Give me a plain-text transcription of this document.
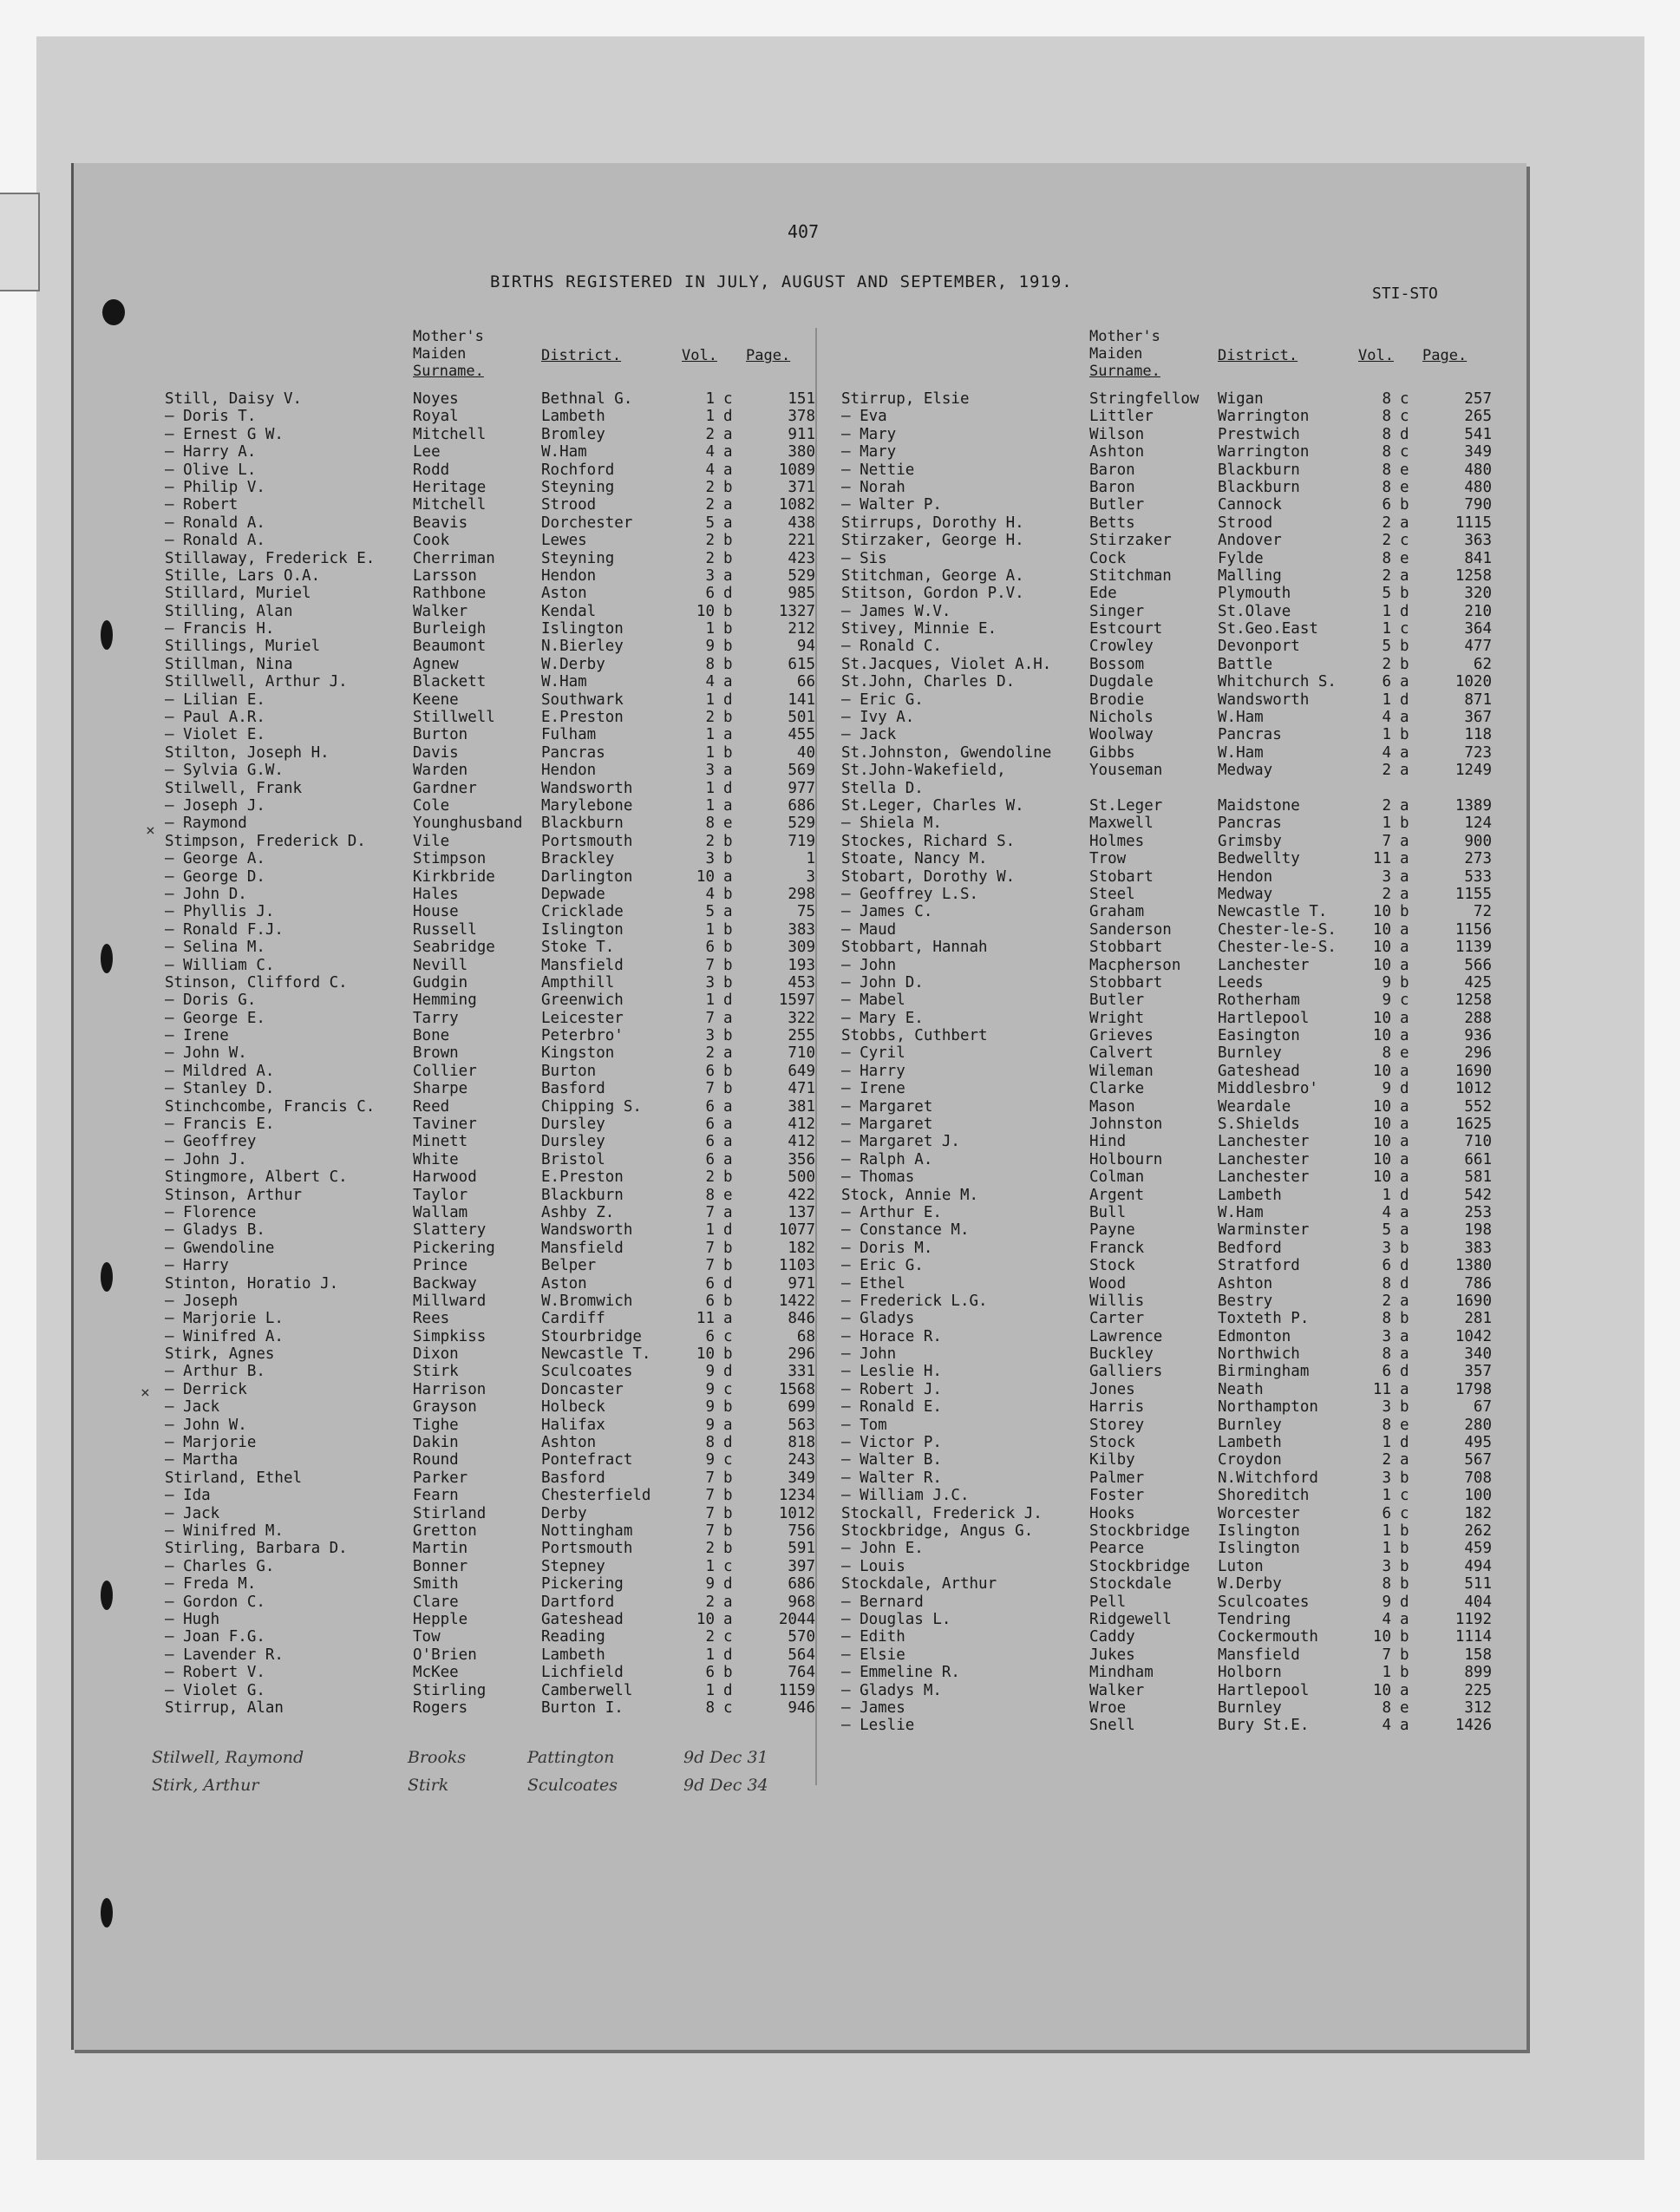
407
BIRTHS REGISTERED IN JULY, AUGUST AND SEPTEMBER, 1919.
STI-STO
Mother's
Maiden
Surname.
District.	Vol. Page.
Still, Daisy V.	Noyes	Bethnal G.	1 c	151
— Doris T.	Royal	Lambeth	1 d	378
— Ernest G W.	Mitchell	Bromley	2 a	911
— Harry A.	Lee	W.Ham	4 a	380
— Olive L.	Rodd	Rochford	4 a	1089
— Philip V.	Heritage	Steyning	2 b	371
— Robert	Mitchell	Strood	2 a	1082
— Ronald A.	Beavis	Dorchester	5 a	438
— Ronald A.	Cook	Lewes	2 b	221
Stillaway, Frederick E. Cherriman	Steyning	2 b	423
Stille, Lars O.A.	Larsson	Hendon	3 a	529
Stillard, Muriel	Rathbone	Aston	6 d	985
Stilling, Alan	Walker	Kendal	10 b	1327
— Francis H.	Burleigh	Islington	1 b	212
Stillings, Muriel	Beaumont	N.Bierley	9 b	94
Stillman, Nina	Agnew	W.Derby	8 b	615
Stillwell, Arthur J.	Blackett	W.Ham	4 a	66
— Lilian E.	Keene	Southwark	1 d	141
— Paul A.R.	Stillwell	E.Preston	2 b	501
— Violet E.	Burton	Fulham	1 a	455
Stilton, Joseph H.	Davis	Pancras	1 b	40
— Sylvia G.W.	Warden	Hendon	3 a	569
Stilwell, Frank	Gardner	Wandsworth	1 d	977
— Joseph J.	Cole	Marylebone	1 a	686
— Raymond	Younghusband Blackburn	8 e	529
Stimpson, Frederick D.	Vile	Portsmouth	2 b	719
— George A.	Stimpson	Brackley	3 b	1
— George D.	Kirkbride	Darlington	10 a	3
— John D.	Hales	Depwade	4 b	298
— Phyllis J.	House	Cricklade	5 a	75
— Ronald F.J.	Russell	Islington	1 b	383
— Selina M.	Seabridge	Stoke T.	6 b	309
— William C.	Nevill	Mansfield	7 b	193
Stinson, Clifford C.	Gudgin	Ampthill	3 b	453
— Doris G.	Hemming	Greenwich	1 d	1597
— George E.	Tarry	Leicester	7 a	322
— Irene	Bone	Peterbro'	3 b	255
— John W.	Brown	Kingston	2 a	710
— Mildred A.	Collier	Burton	6 b	649
— Stanley D.	Sharpe	Basford	7 b	471
Stinchcombe, Francis C. Reed	Chipping S.	6 a	381
— Francis E.	Taviner	Dursley	6 a	412
— Geoffrey	Minett	Dursley	6 a	412
— John J.	White	Bristol	6 a	356
Stingmore, Albert C.	Harwood	E.Preston	2 b	500
Stinson, Arthur	Taylor	Blackburn	8 e	422
— Florence	Wallam	Ashby Z.	7 a	137
— Gladys B.	Slattery	Wandsworth	1 d	1077
— Gwendoline	Pickering	Mansfield	7 b	182
— Harry	Prince	Belper	7 b	1103
Stinton, Horatio J.	Backway	Aston	6 d	971
— Joseph	Millward	W.Bromwich	6 b	1422
— Marjorie L.	Rees	Cardiff	11 a	846
— Winifred A.	Simpkiss	Stourbridge	6 c	68
Stirk, Agnes	Dixon	Newcastle T.	10 b	296
— Arthur B.	Stirk	Sculcoates	9 d	331
— Derrick	Harrison	Doncaster	9 c	1568
— Jack	Grayson	Holbeck	9 b	699
— John W.	Tighe	Halifax	9 a	563
— Marjorie	Dakin	Ashton	8 d	818
— Martha	Round	Pontefract	9 c	243
Stirland, Ethel	Parker	Basford	7 b	349
— Ida	Fearn	Chesterfield	7 b	1234
— Jack	Stirland	Derby	7 b	1012
— Winifred M.	Gretton	Nottingham	7 b	756
Stirling, Barbara D.	Martin	Portsmouth	2 b	591
— Charles G.	Bonner	Stepney	1 c	397
— Freda M.	Smith	Pickering	9 d	686
— Gordon C.	Clare	Dartford	2 a	968
— Hugh	Hepple	Gateshead	10 a	2044
— Joan F.G.	Tow	Reading	2 c	570
— Lavender R.	O'Brien	Lambeth	1 d	564
— Robert V.	McKee	Lichfield	6 b	764
— Violet G.	Stirling	Camberwell	1 d	1159
Stirrup, Alan	Rogers	Burton I.	8 c	946
Mother's
Maiden
Surname.
District.	Vol. Page.
Stirrup, Elsie	Stringfellow Wigan	8 c	257
— Eva	Littler	Warrington	8 c	265
— Mary	Wilson	Prestwich	8 d	541
— Mary	Ashton	Warrington	8 c	349
— Nettie	Baron	Blackburn	8 e	480
— Norah	Baron	Blackburn	8 e	480
— Walter P.	Butler	Cannock	6 b	790
Stirrups, Dorothy H.	Betts	Strood	2 a	1115
Stirzaker, George H.	Stirzaker	Andover	2 c	363
— Sis	Cock	Fylde	8 e	841
Stitchman, George A.	Stitchman	Malling	2 a	1258
Stitson, Gordon P.V.	Ede	Plymouth	5 b	320
— James W.V.	Singer	St.Olave	1 d	210
Stivey, Minnie E.	Estcourt	St.Geo.East	1 c	364
— Ronald C.	Crowley	Devonport	5 b	477
St.Jacques, Violet A.H. Bossom	Battle	2 b	62
St.John, Charles D.	Dugdale	Whitchurch S.	6 a	1020
— Eric G.	Brodie	Wandsworth	1 d	871
— Ivy A.	Nichols	W.Ham	4 a	367
— Jack	Woolway	Pancras	1 b	118
St.Johnston, Gwendoline Gibbs	W.Ham	4 a	723
St.John-Wakefield,	Youseman	Medway	2 a	1249
Stella D.
St.Leger, Charles W.	St.Leger	Maidstone	2 a	1389
— Shiela M.	Maxwell	Pancras	1 b	124
Stockes, Richard S.	Holmes	Grimsby	7 a	900
Stoate, Nancy M.	Trow	Bedwellty	11 a	273
Stobart, Dorothy W.	Stobart	Hendon	3 a	533
— Geoffrey L.S.	Steel	Medway	2 a	1155
— James C.	Graham	Newcastle T.	10 b	72
— Maud	Sanderson	Chester-le-S. 10 a	1156
Stobbart, Hannah	Stobbart	Chester-le-S. 10 a	1139
— John	Macpherson Lanchester	10 a	566
— John D.	Stobbart	Leeds	9 b	425
— Mabel	Butler	Rotherham	9 c	1258
— Mary E.	Wright	Hartlepool	10 a	288
Stobbs, Cuthbert	Grieves	Easington	10 a	936
— Cyril	Calvert	Burnley	8 e	296
— Harry	Wileman	Gateshead	10 a	1690
— Irene	Clarke	Middlesbro'	9 d	1012
— Margaret	Mason	Weardale	10 a	552
— Margaret	Johnston	S.Shields	10 a	1625
— Margaret J.	Hind	Lanchester	10 a	710
— Ralph A.	Holbourn	Lanchester	10 a	661
— Thomas	Colman	Lanchester	10 a	581
Stock, Annie M.	Argent	Lambeth	1 d	542
— Arthur E.	Bull	W.Ham	4 a	253
— Constance M.	Payne	Warminster	5 a	198
— Doris M.	Franck	Bedford	3 b	383
— Eric G.	Stock	Stratford	6 d	1380
— Ethel	Wood	Ashton	8 d	786
— Frederick L.G.	Willis	Bestry	2 a	1690
— Gladys	Carter	Toxteth P.	8 b	281
— Horace R.	Lawrence	Edmonton	3 a	1042
— John	Buckley	Northwich	8 a	340
— Leslie H.	Galliers	Birmingham	6 d	357
— Robert J.	Jones	Neath	11 a	1798
— Ronald E.	Harris	Northampton	3 b	67
— Tom	Storey	Burnley	8 e	280
— Victor P.	Stock	Lambeth	1 d	495
— Walter B.	Kilby	Croydon	2 a	567
— Walter R.	Palmer	N.Witchford	3 b	708
— William J.C.	Foster	Shoreditch	1 c	100
Stockall, Frederick J.	Hooks	Worcester	6 c	182
Stockbridge, Angus G.	Stockbridge Islington	1 b	262
— John E.	Pearce	Islington	1 b	459
— Louis	Stockbridge Luton	3 b	494
Stockdale, Arthur	Stockdale	W.Derby	8 b	511
— Bernard	Pell	Sculcoates	9 d	404
— Douglas L.	Ridgewell	Tendring	4 a	1192
— Edith	Caddy	Cockermouth	10 b	1114
— Elsie	Jukes	Mansfield	7 b	158
— Emmeline R.	Mindham	Holborn	1 b	899
— Gladys M.	Walker	Hartlepool	10 a	225
— James	Wroe	Burnley	8 e	312
— Leslie	Snell	Bury St.E.	4 a	1426
×
×
Stilwell, Raymond	Brooks	Pattington	9d Dec 31
Stirk, Arthur	Stirk	Sculcoates	9d Dec 34
